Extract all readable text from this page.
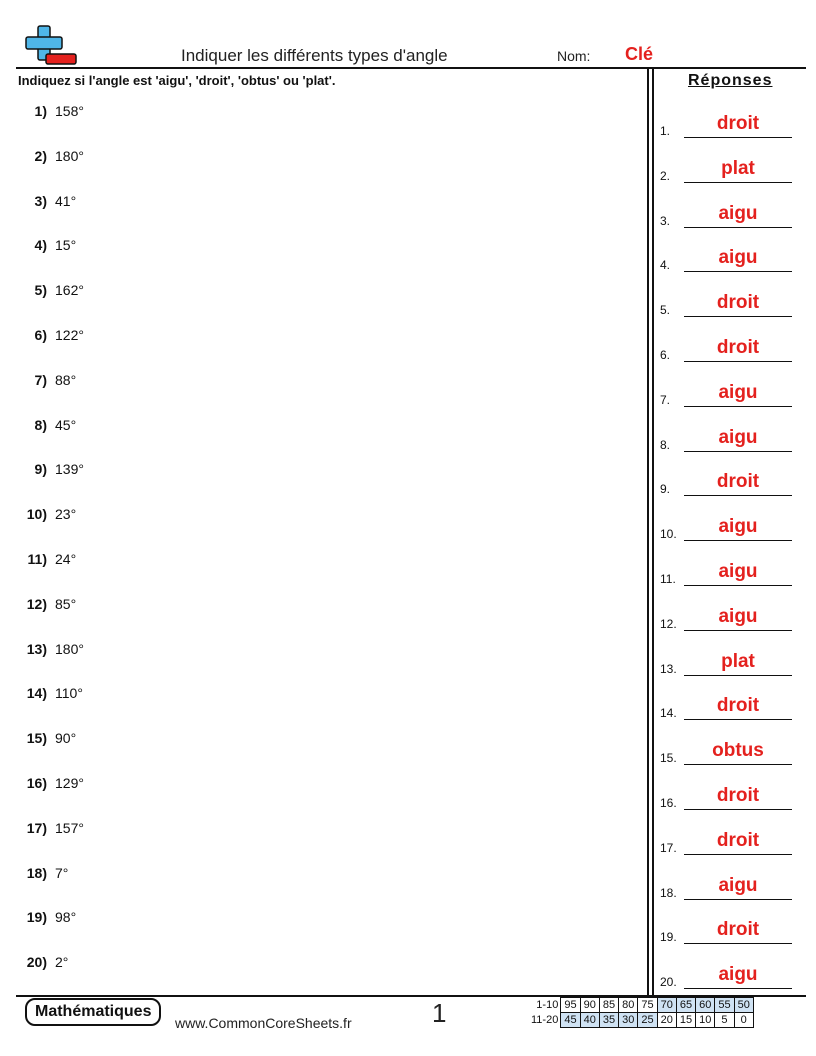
Indiquer les différents types d'angle	Nom: Clé
Indiquez si l'angle est 'aigu', 'droit', 'obtus' ou 'plat'.	Réponses
1) 158°
2) 180°
3) 41°
4) 15°
5) 162°
6) 122°
7) 88°
8) 45°
9) 139°
10) 23°
11) 24°
12) 85°
13) 180°
14) 110°
15) 90°
16) 129°
17) 157°
18) 7°
19) 98°
20) 2°
1.	droit
2.	plat
3.	aigu
4.	aigu
5.	droit
6.	droit
7.	aigu
8.	aigu
9.	droit
10.	aigu
11.	aigu
12.	aigu
13.	plat
14.	droit
15.	obtus
16.	droit
17.	droit
18.	aigu
19.	droit
20.	aigu
Mathématiques
www.CommonCoreSheets.fr	1	1-10	95	90	85	80	75	70	65	60	55	50
11-20	45	40	35	30	25	20	15	10	5	0
